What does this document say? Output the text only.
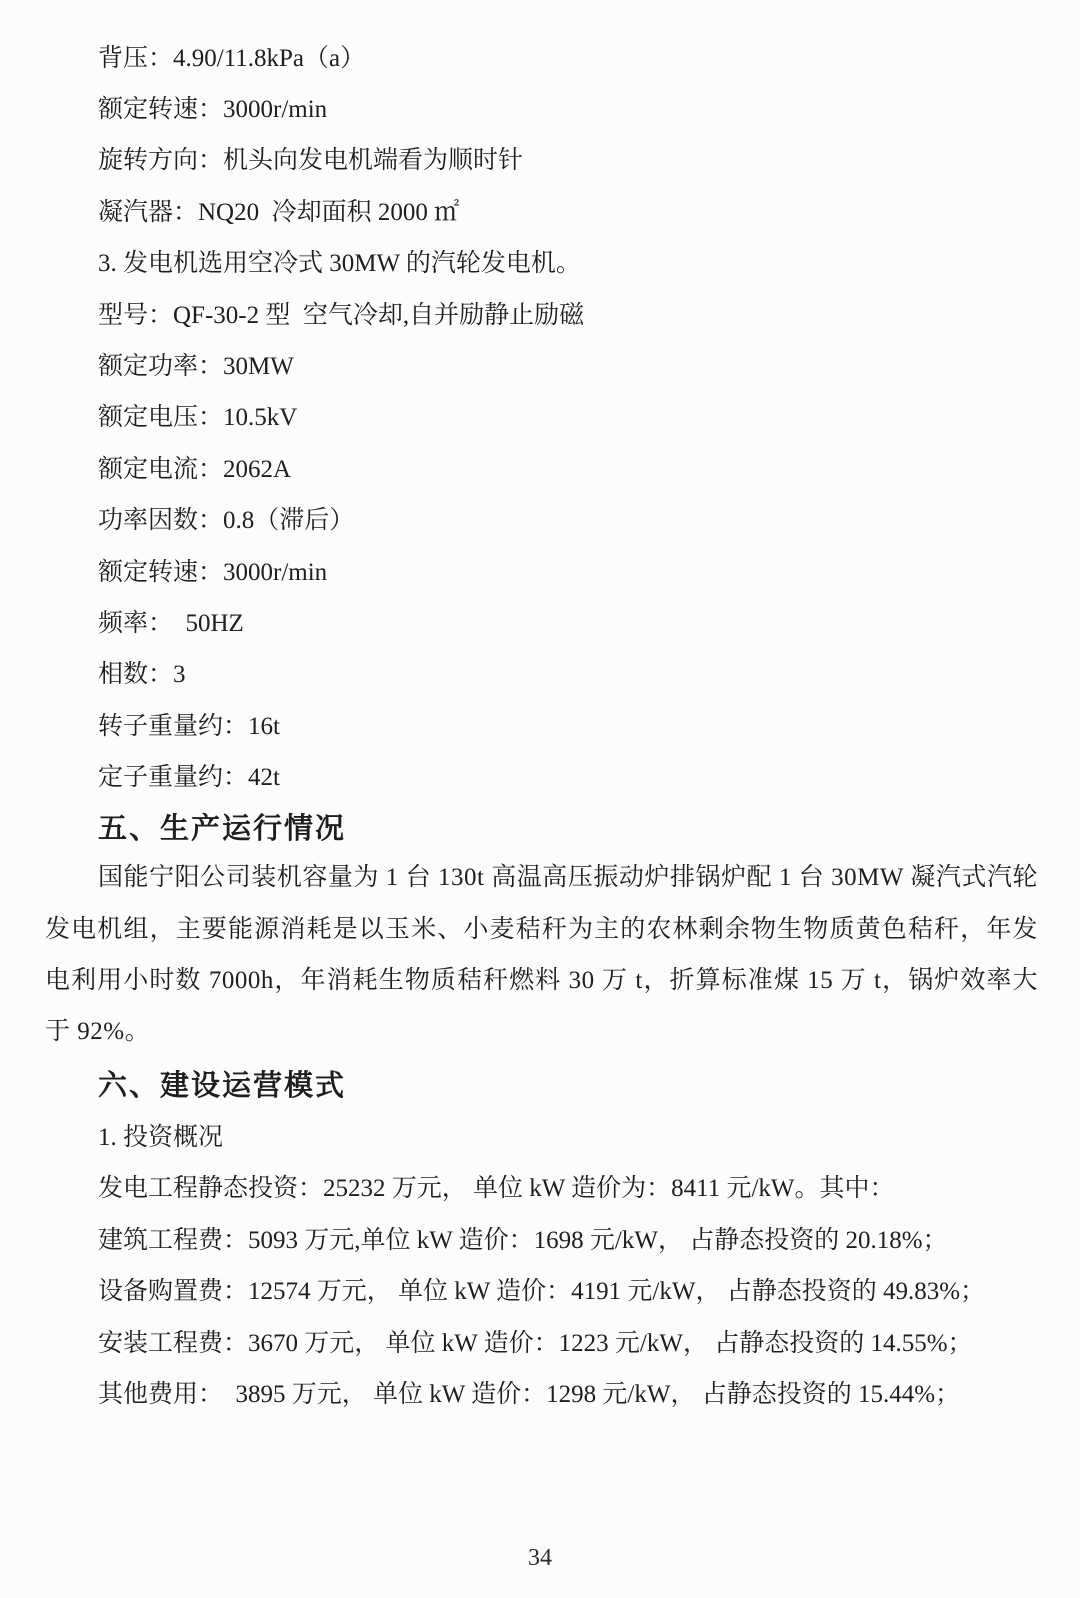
背压：4.90/11.8kPa（a）
额定转速：3000r/min
旋转方向：机头向发电机端看为顺时针
凝汽器：NQ20  冷却面积 2000 ㎡
3. 发电机选用空冷式 30MW 的汽轮发电机。
型号：QF-30-2 型  空气冷却,自并励静止励磁
额定功率：30MW
额定电压：10.5kV
额定电流：2062A
功率因数：0.8（滞后）
额定转速：3000r/min
频率：  50HZ
相数：3
转子重量约：16t
定子重量约：42t
五、生产运行情况

国能宁阳公司装机容量为 1 台 130t 高温高压振动炉排锅炉配 1 台 30MW 凝汽式汽轮发电机组，主要能源消耗是以玉米、小麦秸秆为主的农林剩余物生物质黄色秸秆，年发电利用小时数 7000h，年消耗生物质秸秆燃料 30 万 t，折算标准煤 15 万 t，锅炉效率大于 92%。

六、建设运营模式
1. 投资概况
发电工程静态投资：25232 万元， 单位 kW 造价为：8411 元/kW。其中：
建筑工程费：5093 万元,单位 kW 造价：1698 元/kW， 占静态投资的 20.18%；
设备购置费：12574 万元， 单位 kW 造价：4191 元/kW， 占静态投资的 49.83%；
安装工程费：3670 万元， 单位 kW 造价：1223 元/kW， 占静态投资的 14.55%；
其他费用：  3895 万元， 单位 kW 造价：1298 元/kW， 占静态投资的 15.44%；
34
